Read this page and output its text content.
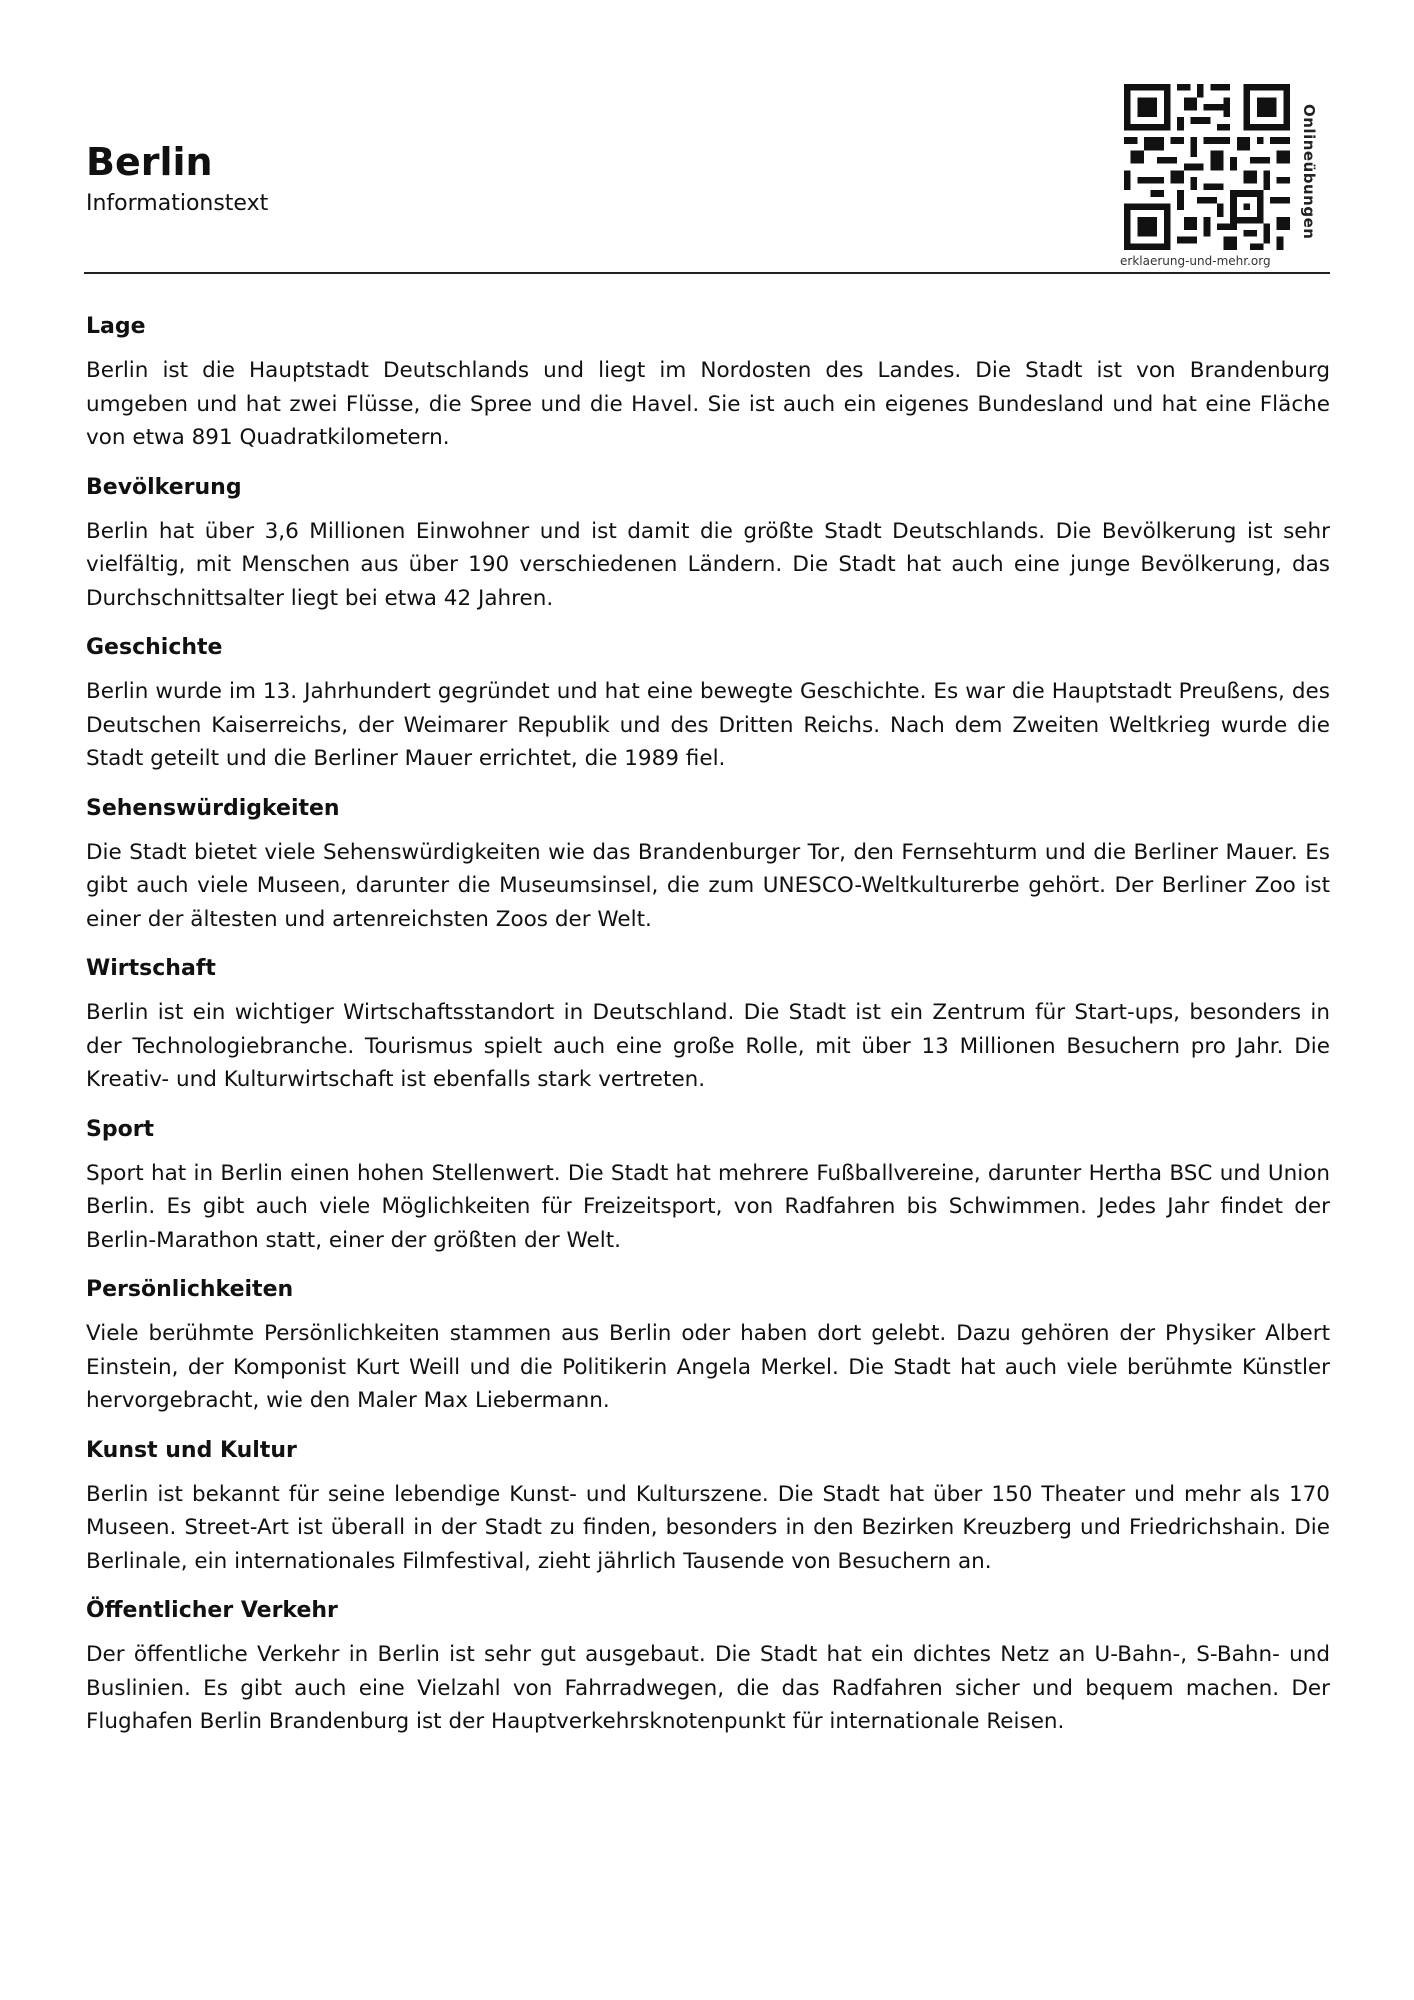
Berlin
Informationstext	Onlineübungen
erklaerung-und-mehr.org
Lage

Berlin ist die Hauptstadt Deutschlands und liegt im Nordosten des Landes. Die Stadt ist von Brandenburg umgeben und hat zwei Flüsse, die Spree und die Havel. Sie ist auch ein eigenes Bundesland und hat eine Fläche von etwa 891 Quadratkilometern.

Bevölkerung

Berlin hat über 3,6 Millionen Einwohner und ist damit die größte Stadt Deutschlands. Die Bevölkerung ist sehr vielfältig, mit Menschen aus über 190 verschiedenen Ländern. Die Stadt hat auch eine junge Bevölkerung, das Durchschnittsalter liegt bei etwa 42 Jahren.

Geschichte

Berlin wurde im 13. Jahrhundert gegründet und hat eine bewegte Geschichte. Es war die Hauptstadt Preußens, des Deutschen Kaiserreichs, der Weimarer Republik und des Dritten Reichs. Nach dem Zweiten Weltkrieg wurde die Stadt geteilt und die Berliner Mauer errichtet, die 1989 fiel.

Sehenswürdigkeiten

Die Stadt bietet viele Sehenswürdigkeiten wie das Brandenburger Tor, den Fernsehturm und die Berliner Mauer. Es gibt auch viele Museen, darunter die Museumsinsel, die zum UNESCO-Weltkulturerbe gehört. Der Berliner Zoo ist einer der ältesten und artenreichsten Zoos der Welt.

Wirtschaft

Berlin ist ein wichtiger Wirtschaftsstandort in Deutschland. Die Stadt ist ein Zentrum für Start-ups, besonders in der Technologiebranche. Tourismus spielt auch eine große Rolle, mit über 13 Millionen Besuchern pro Jahr. Die Kreativ- und Kulturwirtschaft ist ebenfalls stark vertreten.

Sport

Sport hat in Berlin einen hohen Stellenwert. Die Stadt hat mehrere Fußballvereine, darunter Hertha BSC und Union Berlin. Es gibt auch viele Möglichkeiten für Freizeitsport, von Radfahren bis Schwimmen. Jedes Jahr findet der Berlin-Marathon statt, einer der größten der Welt.

Persönlichkeiten

Viele berühmte Persönlichkeiten stammen aus Berlin oder haben dort gelebt. Dazu gehören der Physiker Albert Einstein, der Komponist Kurt Weill und die Politikerin Angela Merkel. Die Stadt hat auch viele berühmte Künstler hervorgebracht, wie den Maler Max Liebermann.

Kunst und Kultur

Berlin ist bekannt für seine lebendige Kunst- und Kulturszene. Die Stadt hat über 150 Theater und mehr als 170 Museen. Street-Art ist überall in der Stadt zu finden, besonders in den Bezirken Kreuzberg und Friedrichshain. Die Berlinale, ein internationales Filmfestival, zieht jährlich Tausende von Besuchern an.

Öffentlicher Verkehr

Der öffentliche Verkehr in Berlin ist sehr gut ausgebaut. Die Stadt hat ein dichtes Netz an U-Bahn-, S-Bahn- und Buslinien. Es gibt auch eine Vielzahl von Fahrradwegen, die das Radfahren sicher und bequem machen. Der Flughafen Berlin Brandenburg ist der Hauptverkehrsknotenpunkt für internationale Reisen.
